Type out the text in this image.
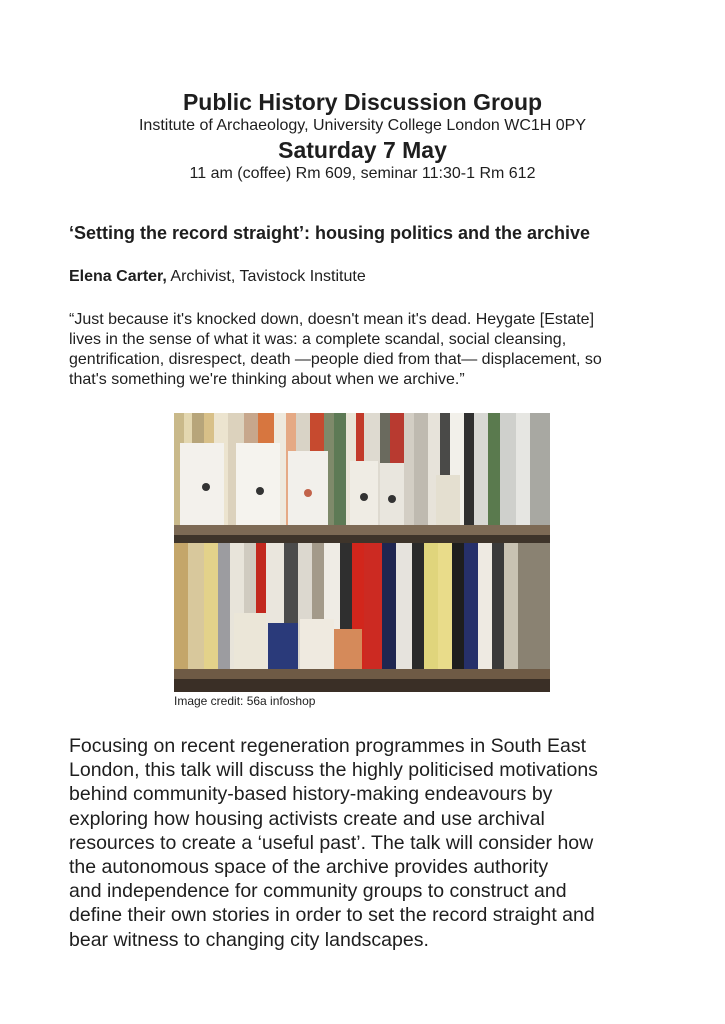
Public History Discussion Group
Institute of Archaeology, University College London WC1H 0PY
Saturday 7 May
11 am (coffee) Rm 609, seminar 11:30-1 Rm 612
‘Setting the record straight’: housing politics and the archive
Elena Carter, Archivist, Tavistock Institute
“Just because it's knocked down, doesn't mean it's dead. Heygate [Estate]
lives in the sense of what it was: a complete scandal, social cleansing,
gentrification, disrespect, death —people died from that— displacement, so
that's something we're thinking about when we archive.”
Image credit: 56a infoshop
Focusing on recent regeneration programmes in South East
London, this talk will discuss the highly politicised motivations
behind community-based history-making endeavours by
exploring how housing activists create and use archival
resources to create a ‘useful past’. The talk will consider how
the autonomous space of the archive provides authority
and independence for community groups to construct and
define their own stories in order to set the record straight and
bear witness to changing city landscapes.
